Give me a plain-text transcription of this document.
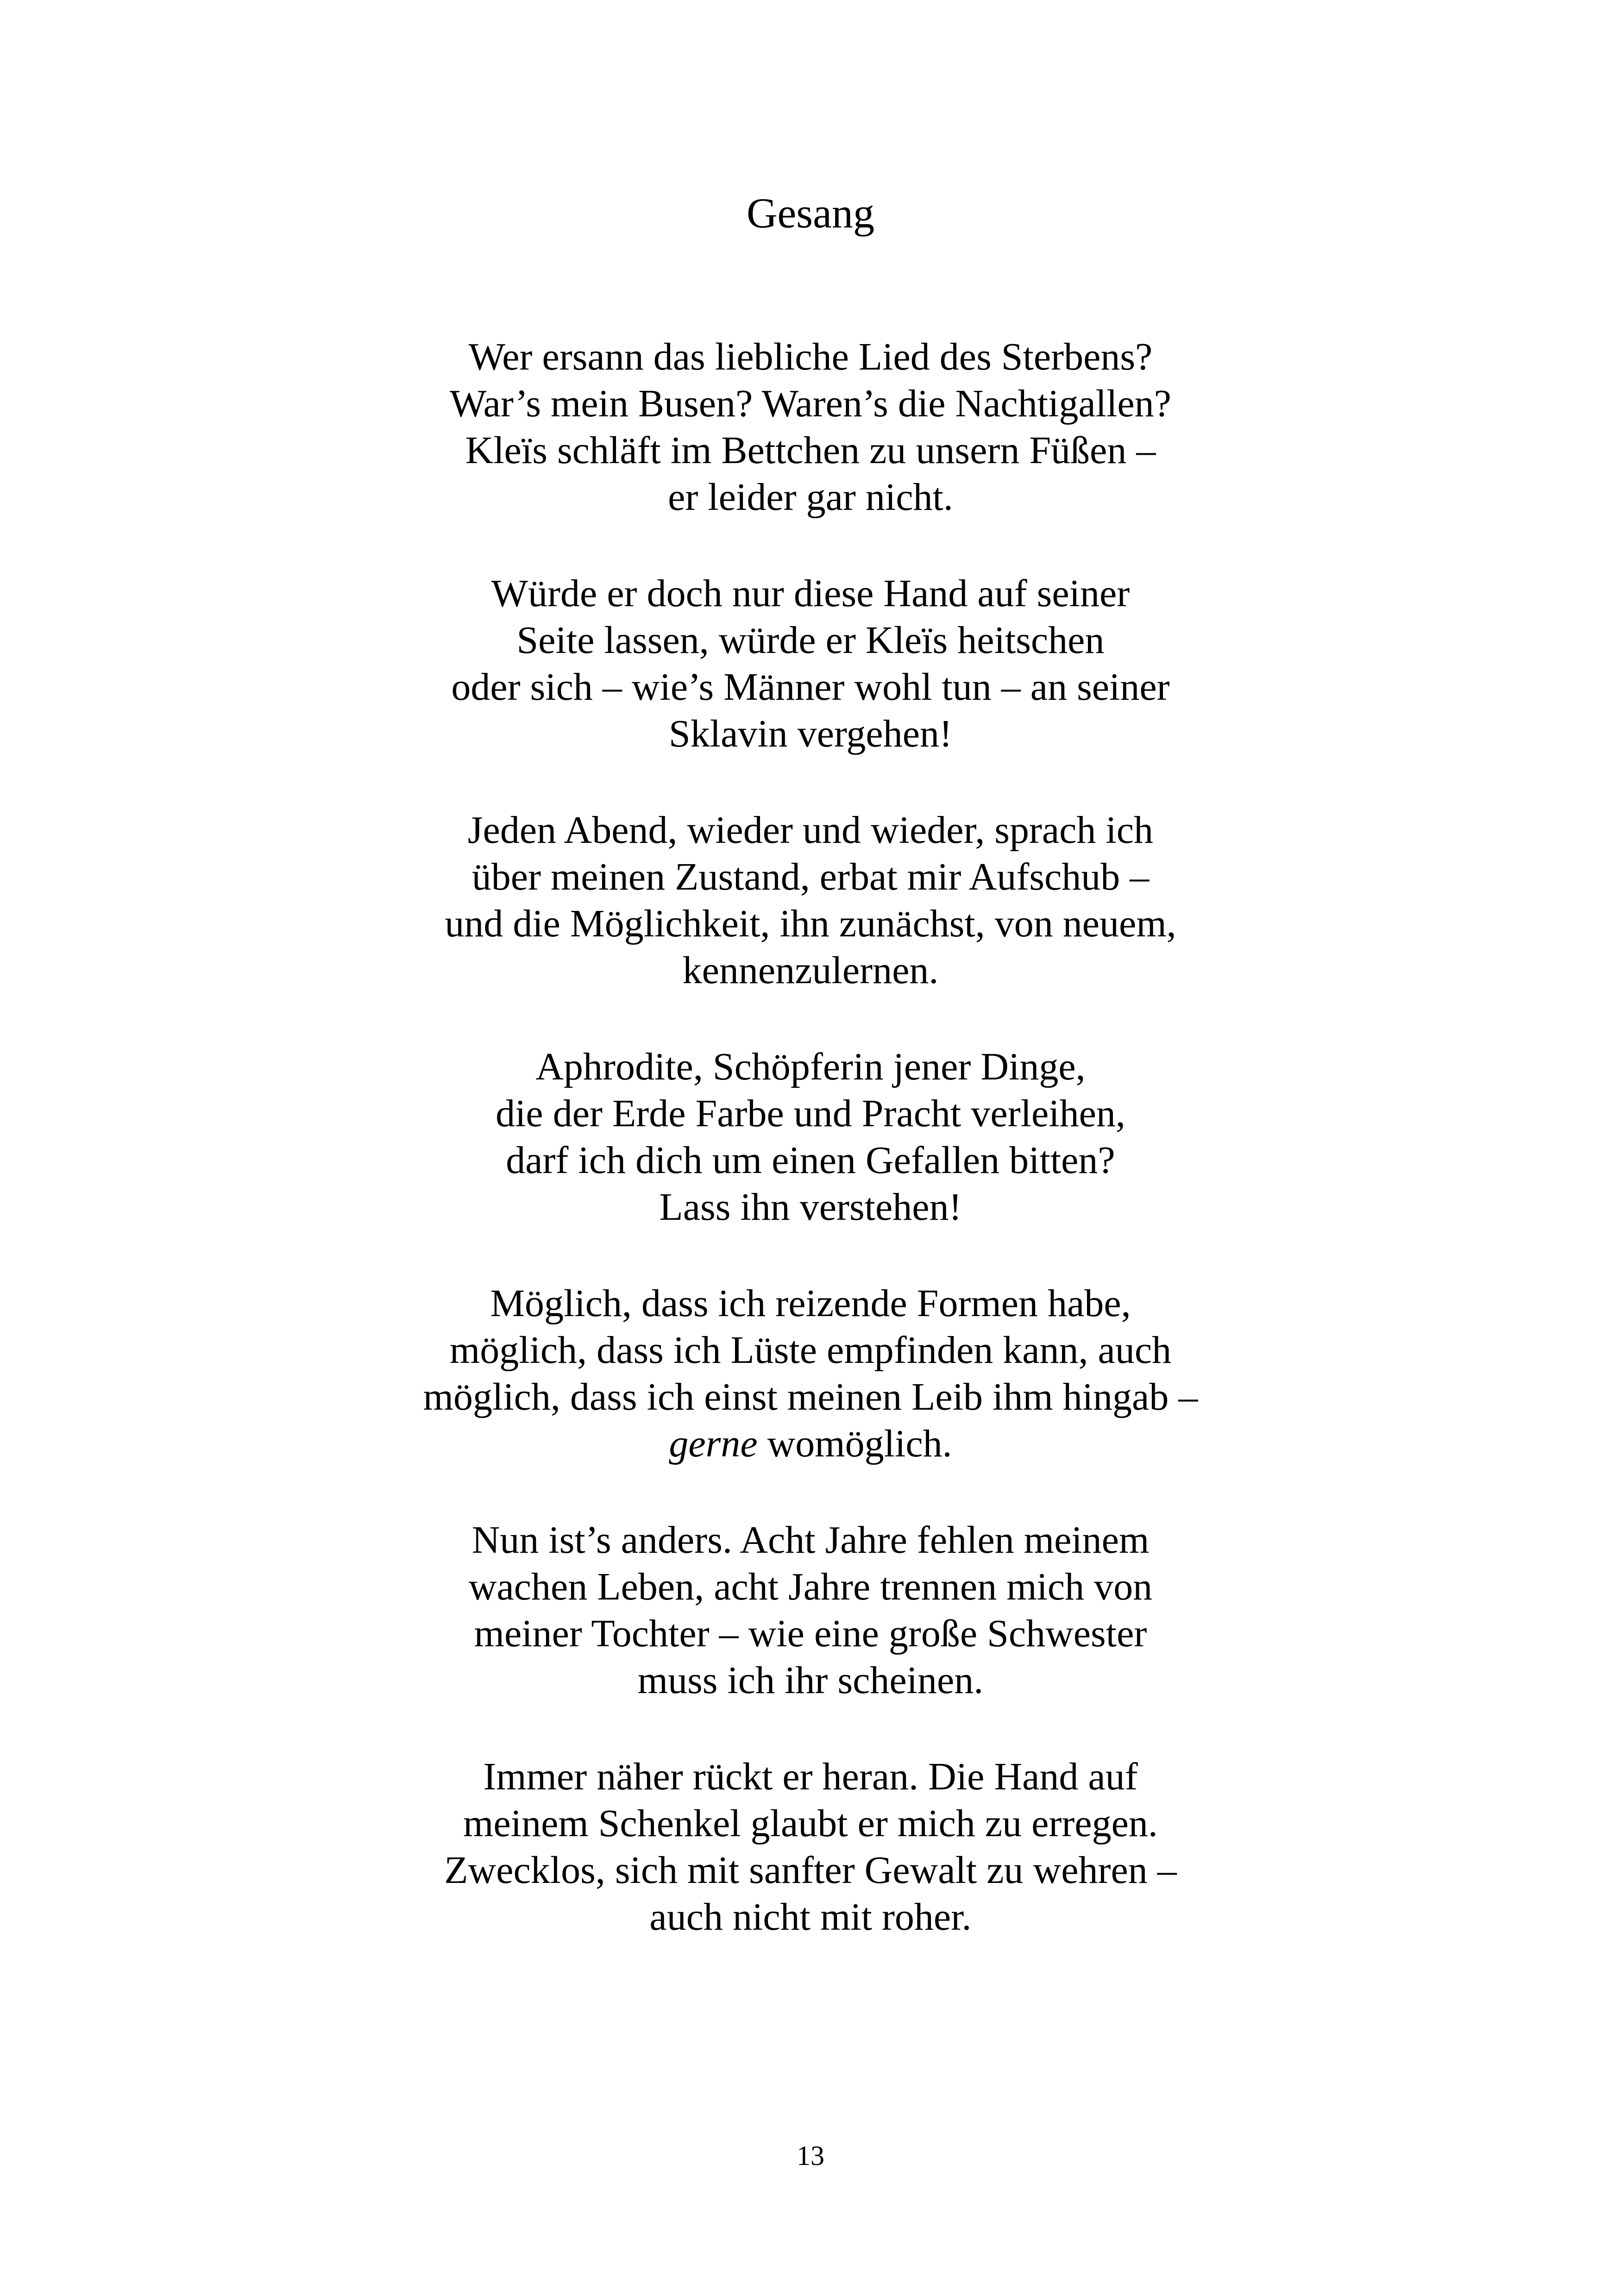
Gesang

Wer ersann das liebliche Lied des Sterbens?
War’s mein Busen? Waren’s die Nachtigallen?
Kleïs schläft im Bettchen zu unsern Füßen –
er leider gar nicht.

Würde er doch nur diese Hand auf seiner
Seite lassen, würde er Kleïs heitschen
oder sich – wie’s Männer wohl tun – an seiner
Sklavin vergehen!

Jeden Abend, wieder und wieder, sprach ich
über meinen Zustand, erbat mir Aufschub –
und die Möglichkeit, ihn zunächst, von neuem,
kennenzulernen.

Aphrodite, Schöpferin jener Dinge,
die der Erde Farbe und Pracht verleihen,
darf ich dich um einen Gefallen bitten?
Lass ihn verstehen!

Möglich, dass ich reizende Formen habe,
möglich, dass ich Lüste empfinden kann, auch
möglich, dass ich einst meinen Leib ihm hingab –
gerne womöglich.

Nun ist’s anders. Acht Jahre fehlen meinem
wachen Leben, acht Jahre trennen mich von
meiner Tochter – wie eine große Schwester
muss ich ihr scheinen.

Immer näher rückt er heran. Die Hand auf
meinem Schenkel glaubt er mich zu erregen.
Zwecklos, sich mit sanfter Gewalt zu wehren –
auch nicht mit roher.

13
